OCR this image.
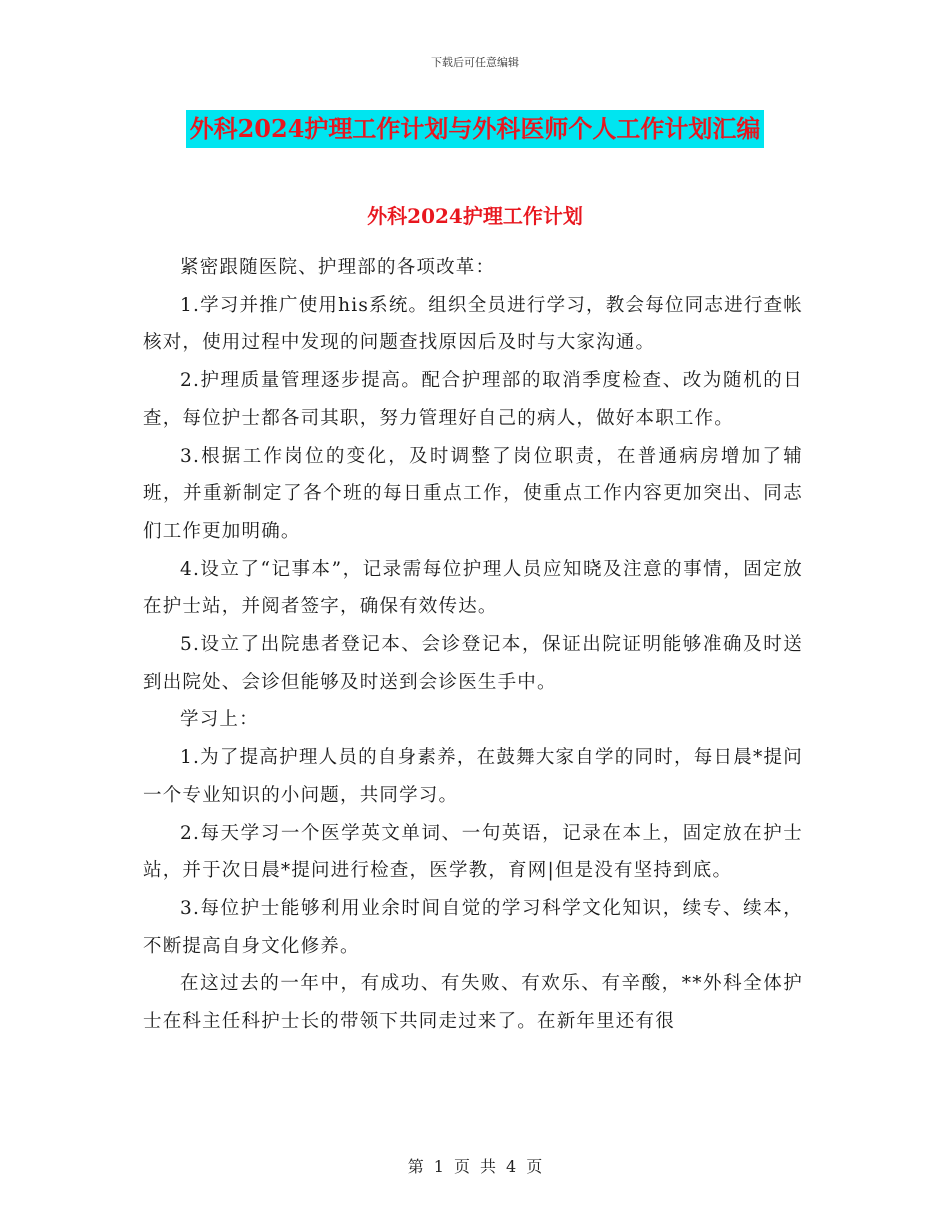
下载后可任意编辑
外科2024护理工作计划与外科医师个人工作计划汇编
外科2024护理工作计划

紧密跟随医院、护理部的各项改革：

1.学习并推广使用his系统。组织全员进行学习，教会每位同志进行查帐核对，使用过程中发现的问题查找原因后及时与大家沟通。

2.护理质量管理逐步提高。配合护理部的取消季度检查、改为随机的日查，每位护士都各司其职，努力管理好自己的病人，做好本职工作。

3.根据工作岗位的变化，及时调整了岗位职责，在普通病房增加了辅班，并重新制定了各个班的每日重点工作，使重点工作内容更加突出、同志们工作更加明确。

4.设立了“记事本”，记录需每位护理人员应知晓及注意的事情，固定放在护士站，并阅者签字，确保有效传达。

5.设立了出院患者登记本、会诊登记本，保证出院证明能够准确及时送到出院处、会诊但能够及时送到会诊医生手中。

学习上：

1.为了提高护理人员的自身素养，在鼓舞大家自学的同时，每日晨*提问一个专业知识的小问题，共同学习。

2.每天学习一个医学英文单词、一句英语，记录在本上，固定放在护士站，并于次日晨*提问进行检查，医学教，育网|但是没有坚持到底。

3.每位护士能够利用业余时间自觉的学习科学文化知识，续专、续本，不断提高自身文化修养。

在这过去的一年中，有成功、有失败、有欢乐、有辛酸，**外科全体护士在科主任科护士长的带领下共同走过来了。在新年里还有很

第 1 页 共 4 页
